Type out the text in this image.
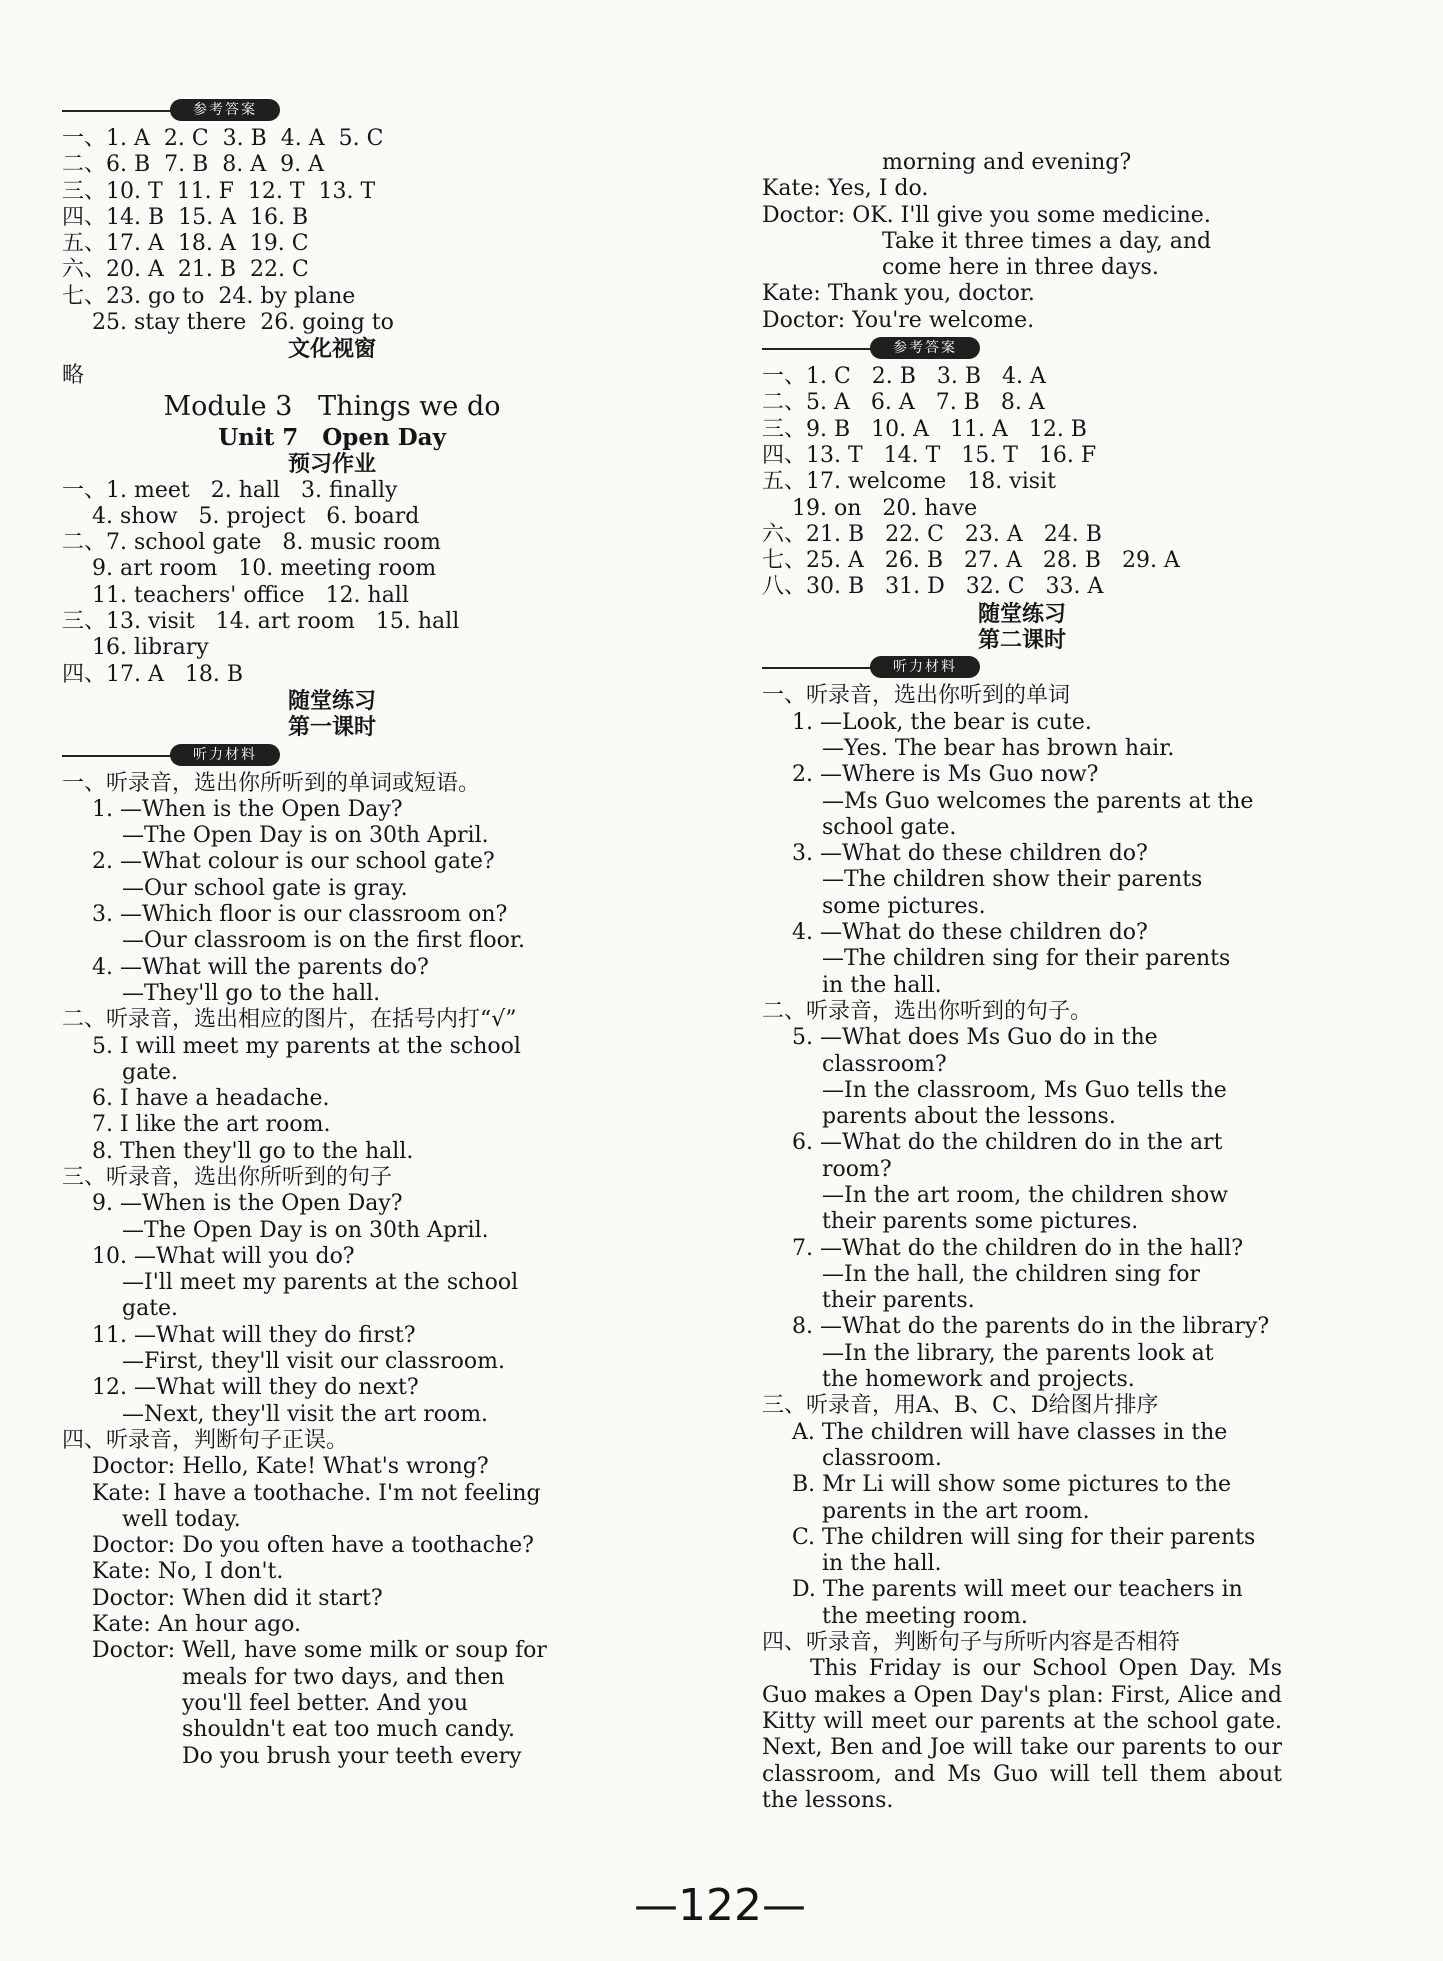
参考答案
一、1. A  2. C  3. B  4. A  5. C
二、6. B  7. B  8. A  9. A
三、10. T  11. F  12. T  13. T
四、14. B  15. A  16. B
五、17. A  18. A  19. C
六、20. A  21. B  22. C
七、23. go to  24. by plane
25. stay there  26. going to
文化视窗
略
Module 3   Things we do
Unit 7   Open Day
预习作业
一、1. meet   2. hall   3. finally
4. show   5. project   6. board
二、7. school gate   8. music room
9. art room   10. meeting room
11. teachers' office   12. hall
三、13. visit   14. art room   15. hall
16. library
四、17. A   18. B
随堂练习
第一课时
听力材料
一、听录音，选出你所听到的单词或短语。
1. —When is the Open Day?
—The Open Day is on 30th April.
2. —What colour is our school gate?
—Our school gate is gray.
3. —Which floor is our classroom on?
—Our classroom is on the first floor.
4. —What will the parents do?
—They'll go to the hall.
二、听录音，选出相应的图片，在括号内打“√”
5. I will meet my parents at the school
gate.
6. I have a headache.
7. I like the art room.
8. Then they'll go to the hall.
三、听录音，选出你所听到的句子
9. —When is the Open Day?
—The Open Day is on 30th April.
10. —What will you do?
—I'll meet my parents at the school
gate.
11. —What will they do first?
—First, they'll visit our classroom.
12. —What will they do next?
—Next, they'll visit the art room.
四、听录音，判断句子正误。
Doctor: Hello, Kate! What's wrong?
Kate: I have a toothache. I'm not feeling
well today.
Doctor: Do you often have a toothache?
Kate: No, I don't.
Doctor: When did it start?
Kate: An hour ago.
Doctor: Well, have some milk or soup for
meals for two days, and then
you'll feel better. And you
shouldn't eat too much candy.
Do you brush your teeth every
morning and evening?
Kate: Yes, I do.
Doctor: OK. I'll give you some medicine.
Take it three times a day, and
come here in three days.
Kate: Thank you, doctor.
Doctor: You're welcome.
参考答案
一、1. C   2. B   3. B   4. A
二、5. A   6. A   7. B   8. A
三、9. B   10. A   11. A   12. B
四、13. T   14. T   15. T   16. F
五、17. welcome   18. visit
19. on   20. have
六、21. B   22. C   23. A   24. B
七、25. A   26. B   27. A   28. B   29. A
八、30. B   31. D   32. C   33. A
随堂练习
第二课时
听力材料
一、听录音，选出你听到的单词
1. —Look, the bear is cute.
—Yes. The bear has brown hair.
2. —Where is Ms Guo now?
—Ms Guo welcomes the parents at the
school gate.
3. —What do these children do?
—The children show their parents
some pictures.
4. —What do these children do?
—The children sing for their parents
in the hall.
二、听录音，选出你听到的句子。
5. —What does Ms Guo do in the
classroom?
—In the classroom, Ms Guo tells the
parents about the lessons.
6. —What do the children do in the art
room?
—In the art room, the children show
their parents some pictures.
7. —What do the children do in the hall?
—In the hall, the children sing for
their parents.
8. —What do the parents do in the library?
—In the library, the parents look at
the homework and projects.
三、听录音，用A、B、C、D给图片排序
A. The children will have classes in the
classroom.
B. Mr Li will show some pictures to the
parents in the art room.
C. The children will sing for their parents
in the hall.
D. The parents will meet our teachers in
the meeting room.
四、听录音，判断句子与所听内容是否相符
This Friday is our School Open Day. Ms Guo makes a Open Day's plan: First, Alice and Kitty will meet our parents at the school gate. Next, Ben and Joe will take our parents to our classroom, and Ms Guo will tell them about the lessons.
—122—
